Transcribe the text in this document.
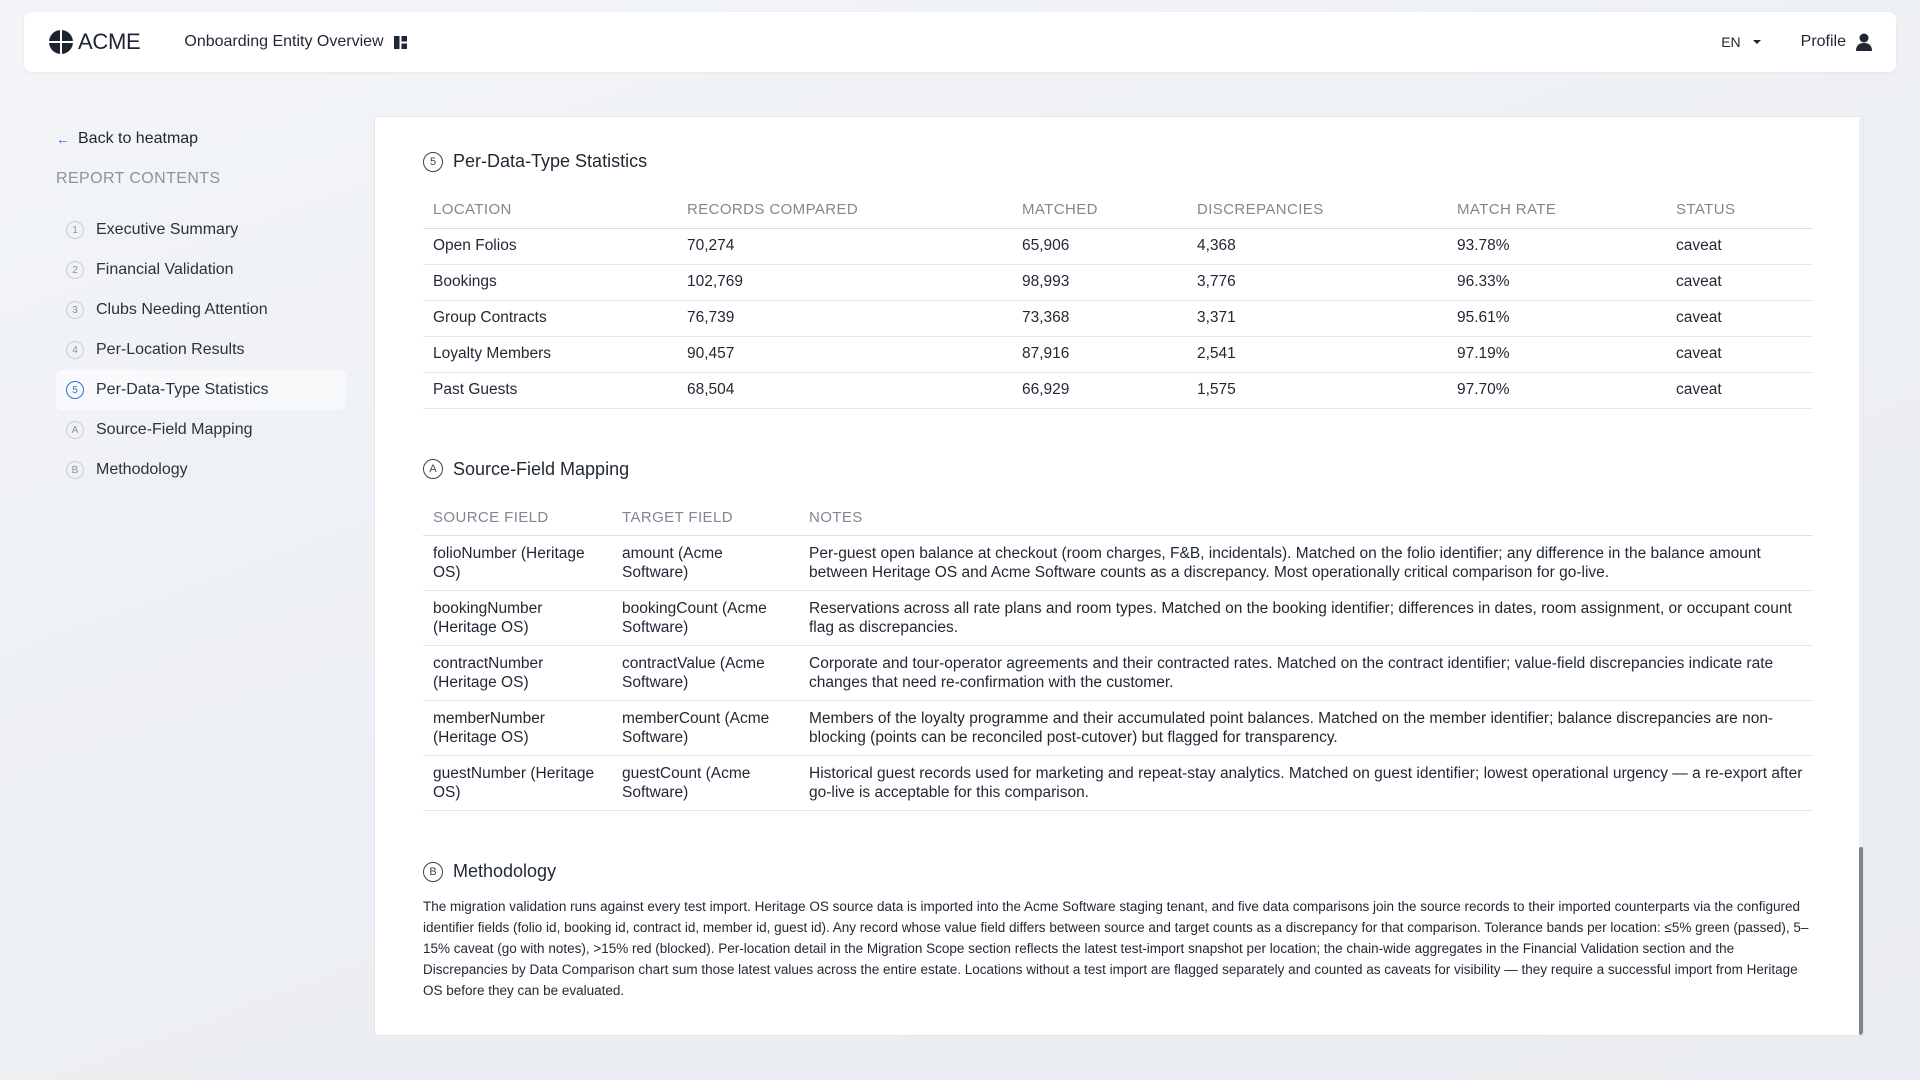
ACME	Onboarding Entity Overview	EN	Profile
← Back to heatmap
REPORT CONTENTS
1	Executive Summary
2	Financial Validation
3	Clubs Needing Attention
4	Per-Location Results
5	Per-Data-Type Statistics
A	Source-Field Mapping
B	Methodology
5 Per-Data-Type Statistics
LOCATION	RECORDS COMPARED	MATCHED	DISCREPANCIES	MATCH RATE	STATUS
Open Folios	70,274	65,906	4,368	93.78%	caveat
Bookings	102,769	98,993	3,776	96.33%	caveat
Group Contracts	76,739	73,368	3,371	95.61%	caveat
Loyalty Members	90,457	87,916	2,541	97.19%	caveat
Past Guests	68,504	66,929	1,575	97.70%	caveat
A Source-Field Mapping
SOURCE FIELD	TARGET FIELD	NOTES
folioNumber (Heritage OS)	amount (Acme Software)	Per-guest open balance at checkout (room charges, F&B, incidentals). Matched on the folio identifier; any difference in the balance amount between Heritage OS and Acme Software counts as a discrepancy. Most operationally critical comparison for go-live.
bookingNumber (Heritage OS)	bookingCount (Acme Software)	Reservations across all rate plans and room types. Matched on the booking identifier; differences in dates, room assignment, or occupant count flag as discrepancies.
contractNumber (Heritage OS)	contractValue (Acme Software)	Corporate and tour-operator agreements and their contracted rates. Matched on the contract identifier; value-field discrepancies indicate rate changes that need re-confirmation with the customer.
memberNumber (Heritage OS)	memberCount (Acme Software)	Members of the loyalty programme and their accumulated point balances. Matched on the member identifier; balance discrepancies are non-blocking (points can be reconciled post-cutover) but flagged for transparency.
guestNumber (Heritage OS)	guestCount (Acme Software)	Historical guest records used for marketing and repeat-stay analytics. Matched on guest identifier; lowest operational urgency — a re-export after go-live is acceptable for this comparison.
B Methodology

The migration validation runs against every test import. Heritage OS source data is imported into the Acme Software staging tenant, and five data comparisons join the source records to their imported counterparts via the configured identifier fields (folio id, booking id, contract id, member id, guest id). Any record whose value field differs between source and target counts as a discrepancy for that comparison. Tolerance bands per location: ≤5% green (passed), 5–15% caveat (go with notes), >15% red (blocked). Per-location detail in the Migration Scope section reflects the latest test-import snapshot per location; the chain-wide aggregates in the Financial Validation section and the Discrepancies by Data Comparison chart sum those latest values across the entire estate. Locations without a test import are flagged separately and counted as caveats for visibility — they require a successful import from Heritage OS before they can be evaluated.
